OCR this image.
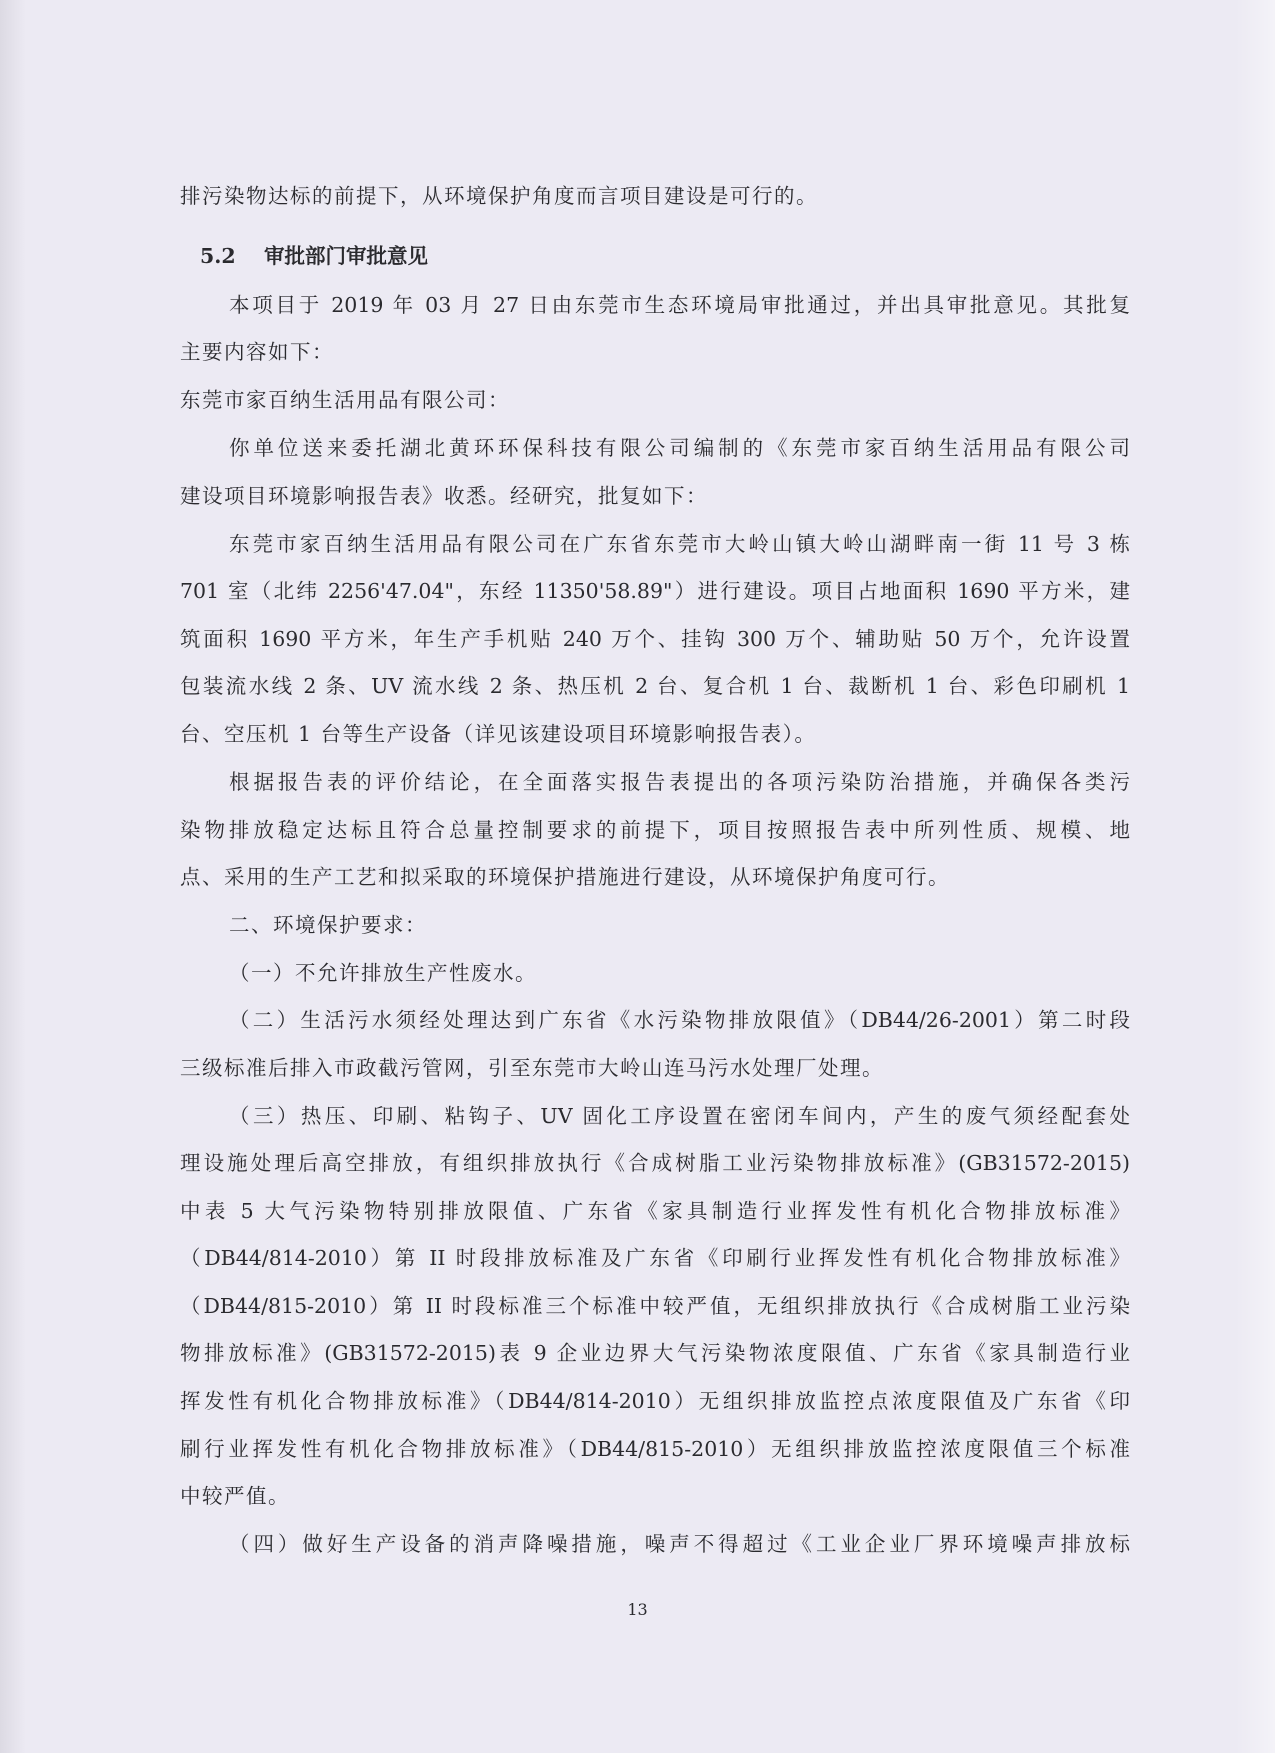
排污染物达标的前提下，从环境保护角度而言项目建设是可行的。
5.2 审批部门审批意见
本项目于 2019 年 03 月 27 日由东莞市生态环境局审批通过，并出具审批意见。其批复
主要内容如下：
东莞市家百纳生活用品有限公司：
你单位送来委托湖北黄环环保科技有限公司编制的《东莞市家百纳生活用品有限公司
建设项目环境影响报告表》收悉。经研究，批复如下：
东莞市家百纳生活用品有限公司在广东省东莞市大岭山镇大岭山湖畔南一街 11 号 3 栋
701 室（北纬 2256'47.04"，东经 11350'58.89"）进行建设。项目占地面积 1690 平方米，建
筑面积 1690 平方米，年生产手机贴 240 万个、挂钩 300 万个、辅助贴 50 万个，允许设置
包装流水线 2 条、UV 流水线 2 条、热压机 2 台、复合机 1 台、裁断机 1 台、彩色印刷机 1
台、空压机 1 台等生产设备（详见该建设项目环境影响报告表）。
根据报告表的评价结论，在全面落实报告表提出的各项污染防治措施，并确保各类污
染物排放稳定达标且符合总量控制要求的前提下，项目按照报告表中所列性质、规模、地
点、采用的生产工艺和拟采取的环境保护措施进行建设，从环境保护角度可行。
二、环境保护要求：
（一）不允许排放生产性废水。
（二）生活污水须经处理达到广东省《水污染物排放限值》（DB44/26-2001）第二时段
三级标准后排入市政截污管网，引至东莞市大岭山连马污水处理厂处理。
（三）热压、印刷、粘钩子、UV 固化工序设置在密闭车间内，产生的废气须经配套处
理设施处理后高空排放，有组织排放执行《合成树脂工业污染物排放标准》(GB31572-2015)
中表 5 大气污染物特别排放限值、广东省《家具制造行业挥发性有机化合物排放标准》
（DB44/814-2010）第 II 时段排放标准及广东省《印刷行业挥发性有机化合物排放标准》
（DB44/815-2010）第 II 时段标准三个标准中较严值，无组织排放执行《合成树脂工业污染
物排放标准》(GB31572-2015)表 9 企业边界大气污染物浓度限值、广东省《家具制造行业
挥发性有机化合物排放标准》（DB44/814-2010）无组织排放监控点浓度限值及广东省《印
刷行业挥发性有机化合物排放标准》（DB44/815-2010）无组织排放监控浓度限值三个标准
中较严值。
（四）做好生产设备的消声降噪措施，噪声不得超过《工业企业厂界环境噪声排放标
13
